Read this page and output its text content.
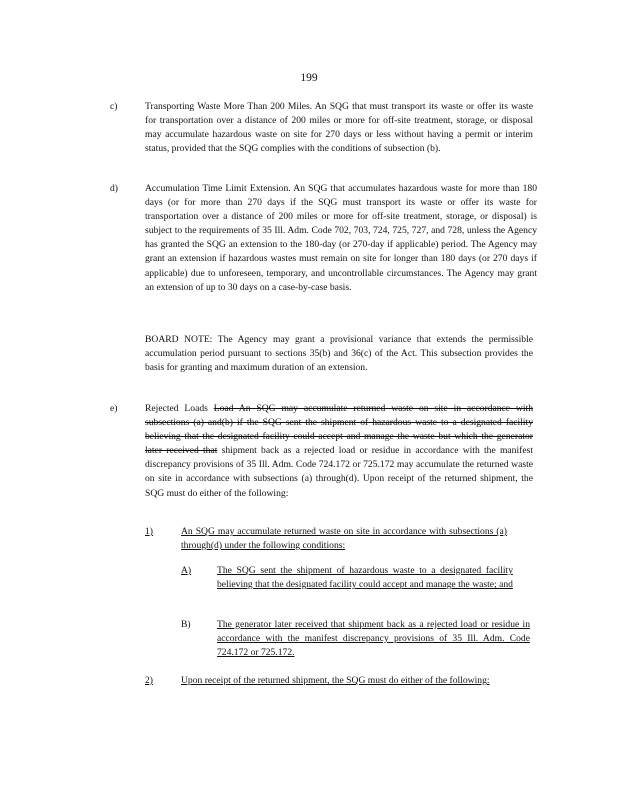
199
c)	Transporting Waste More Than 200 Miles. An SQG that must transport its waste or offer its waste for transportation over a distance of 200 miles or more for off-site treatment, storage, or disposal may accumulate hazardous waste on site for 270 days or less without having a permit or interim status, provided that the SQG complies with the conditions of subsection (b).
d)	Accumulation Time Limit Extension. An SQG that accumulates hazardous waste for more than 180 days (or for more than 270 days if the SQG must transport its waste or offer its waste for transportation over a distance of 200 miles or more for off-site treatment, storage, or disposal) is subject to the requirements of 35 Ill. Adm. Code 702, 703, 724, 725, 727, and 728, unless the Agency has granted the SQG an extension to the 180-day (or 270-day if applicable) period. The Agency may grant an extension if hazardous wastes must remain on site for longer than 180 days (or 270 days if applicable) due to unforeseen, temporary, and uncontrollable circumstances. The Agency may grant an extension of up to 30 days on a case-by-case basis.
BOARD NOTE: The Agency may grant a provisional variance that extends the permissible accumulation period pursuant to sections 35(b) and 36(c) of the Act. This subsection provides the basis for granting and maximum duration of an extension.
e)	Rejected Loads Load An SQG may accumulate returned waste on site in accordance with subsections (a) and(b) if the SQG sent the shipment of hazardous waste to a designated facility believing that the designated facility could accept and manage the waste but which the generator later received that shipment back as a rejected load or residue in accordance with the manifest discrepancy provisions of 35 Ill. Adm. Code 724.172 or 725.172 may accumulate the returned waste on site in accordance with subsections (a) through(d). Upon receipt of the returned shipment, the SQG must do either of the following:
1)	An SQG may accumulate returned waste on site in accordance with subsections (a) through(d) under the following conditions:
A)	The SQG sent the shipment of hazardous waste to a designated facility believing that the designated facility could accept and manage the waste; and
B)	The generator later received that shipment back as a rejected load or residue in accordance with the manifest discrepancy provisions of 35 Ill. Adm. Code 724.172 or 725.172.
2)	Upon receipt of the returned shipment, the SQG must do either of the following:
